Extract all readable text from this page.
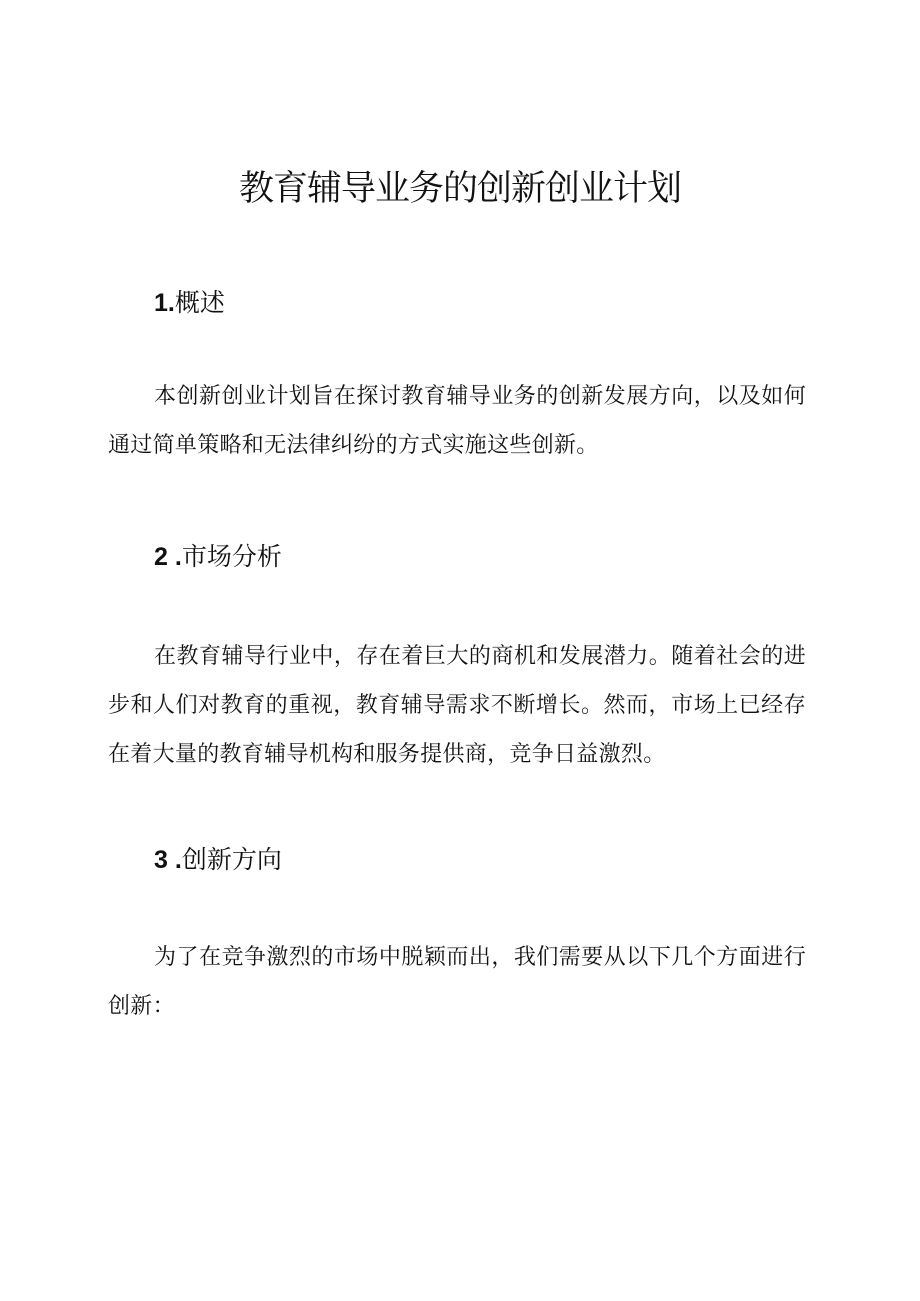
教育辅导业务的创新创业计划
1.概述

本创新创业计划旨在探讨教育辅导业务的创新发展方向，以及如何通过简单策略和无法律纠纷的方式实施这些创新。

2 .市场分析

在教育辅导行业中，存在着巨大的商机和发展潜力。随着社会的进步和人们对教育的重视，教育辅导需求不断增长。然而，市场上已经存在着大量的教育辅导机构和服务提供商，竞争日益激烈。

3 .创新方向

为了在竞争激烈的市场中脱颖而出，我们需要从以下几个方面进行创新：
